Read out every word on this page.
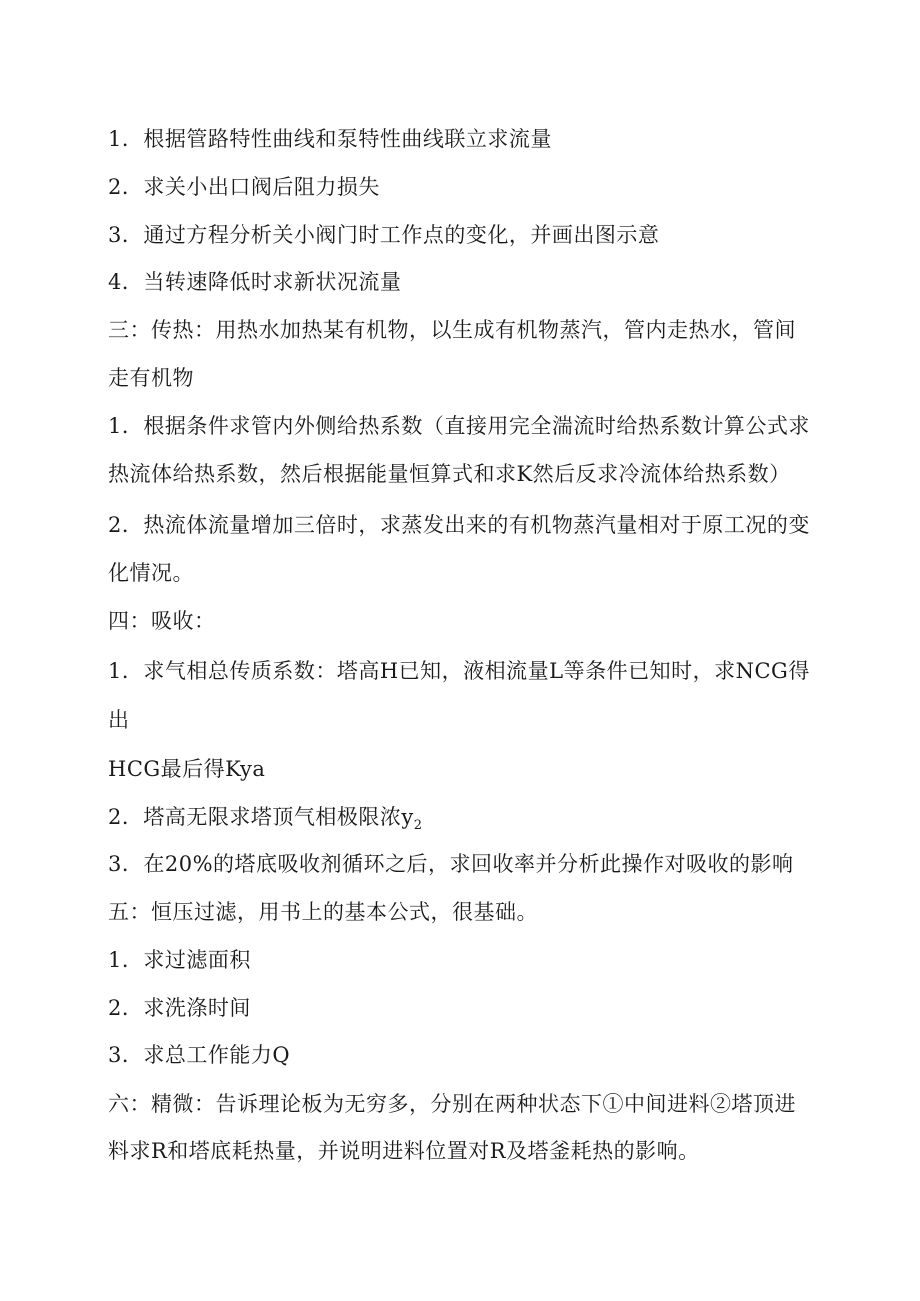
1．根据管路特性曲线和泵特性曲线联立求流量
2．求关小出口阀后阻力损失
3．通过方程分析关小阀门时工作点的变化，并画出图示意
4．当转速降低时求新状况流量
三：传热：用热水加热某有机物，以生成有机物蒸汽，管内走热水，管间
走有机物
1．根据条件求管内外侧给热系数（直接用完全湍流时给热系数计算公式求
热流体给热系数，然后根据能量恒算式和求K然后反求冷流体给热系数）
2．热流体流量增加三倍时，求蒸发出来的有机物蒸汽量相对于原工况的变
化情况。
四：吸收：
1．求气相总传质系数：塔高H已知，液相流量L等条件已知时，求NCG得
出
HCG最后得Kya
2．塔高无限求塔顶气相极限浓$y_2$
3．在20%的塔底吸收剂循环之后，求回收率并分析此操作对吸收的影响
五：恒压过滤，用书上的基本公式，很基础。
1．求过滤面积
2．求洗涤时间
3．求总工作能力Q
六：精微：告诉理论板为无穷多，分别在两种状态下①中间进料②塔顶进
料求R和塔底耗热量，并说明进料位置对R及塔釜耗热的影响。
